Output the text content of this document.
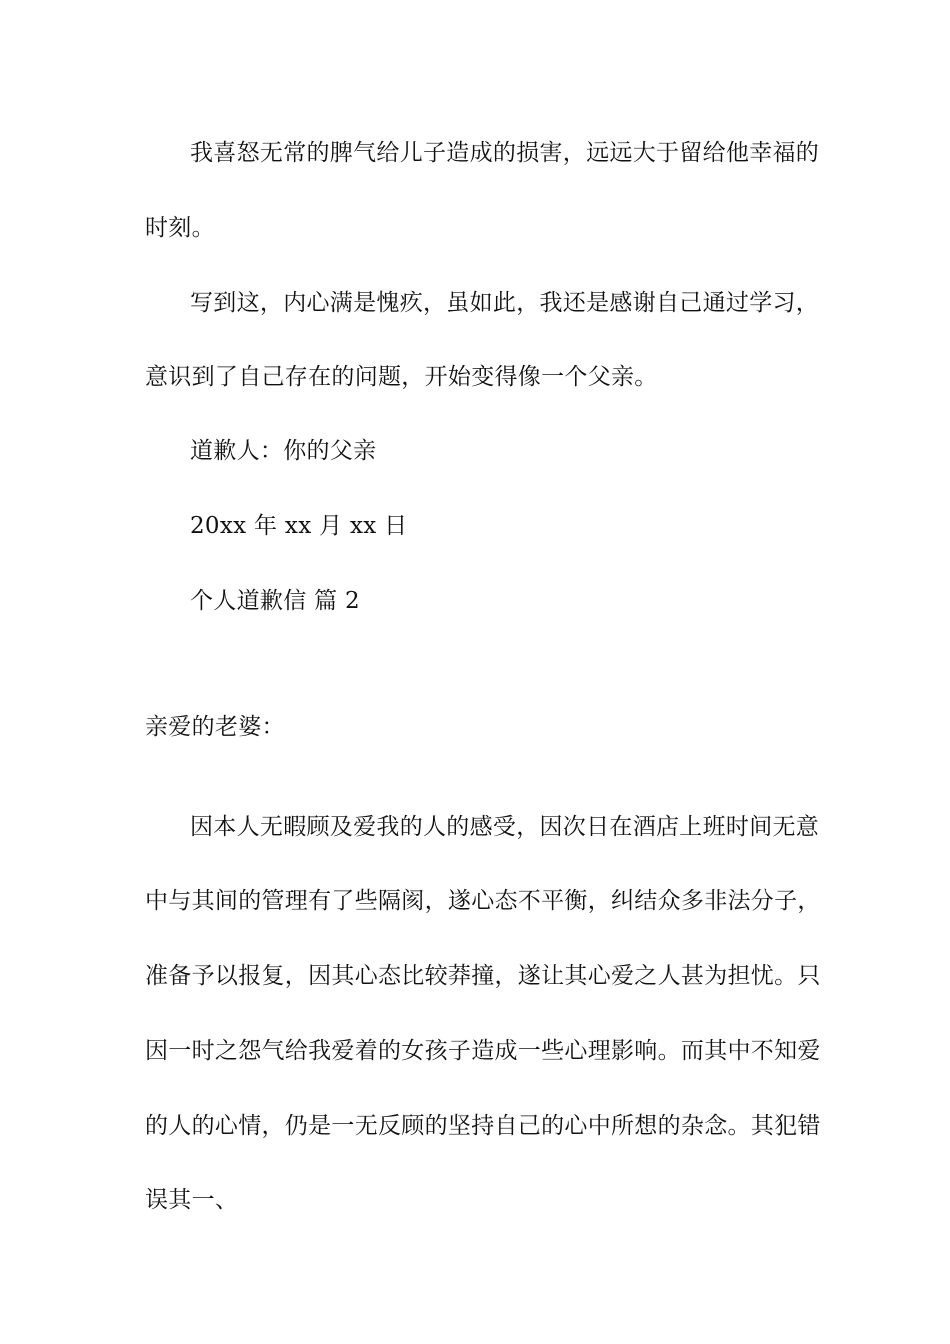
我喜怒无常的脾气给儿子造成的损害，远远大于留给他幸福的
时刻。
写到这，内心满是愧疚，虽如此，我还是感谢自己通过学习，
意识到了自己存在的问题，开始变得像一个父亲。
道歉人：你的父亲
20xx 年 xx 月 xx 日
个人道歉信 篇 2
亲爱的老婆：
因本人无暇顾及爱我的人的感受，因次日在酒店上班时间无意
中与其间的管理有了些隔阂，遂心态不平衡，纠结众多非法分子，
准备予以报复，因其心态比较莽撞，遂让其心爱之人甚为担忧。只
因一时之怨气给我爱着的女孩子造成一些心理影响。而其中不知爱
的人的心情，仍是一无反顾的坚持自己的心中所想的杂念。其犯错
误其一、
